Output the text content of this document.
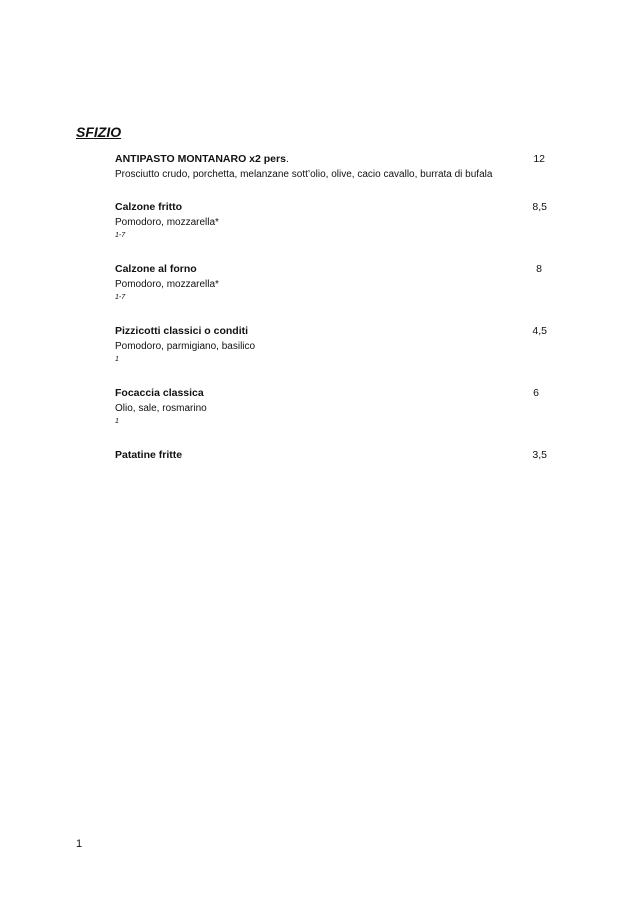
SFIZIO
ANTIPASTO MONTANARO x2 pers.	12
Prosciutto crudo, porchetta, melanzane sott’olio, olive, cacio cavallo, burrata di bufala
Calzone fritto	8,5
Pomodoro, mozzarella*
1-7
Calzone al forno	8
Pomodoro, mozzarella*
1-7
Pizzicotti classici o conditi	4,5
Pomodoro, parmigiano, basilico
1
Focaccia classica	6
Olio, sale, rosmarino
1
Patatine fritte	3,5
1
